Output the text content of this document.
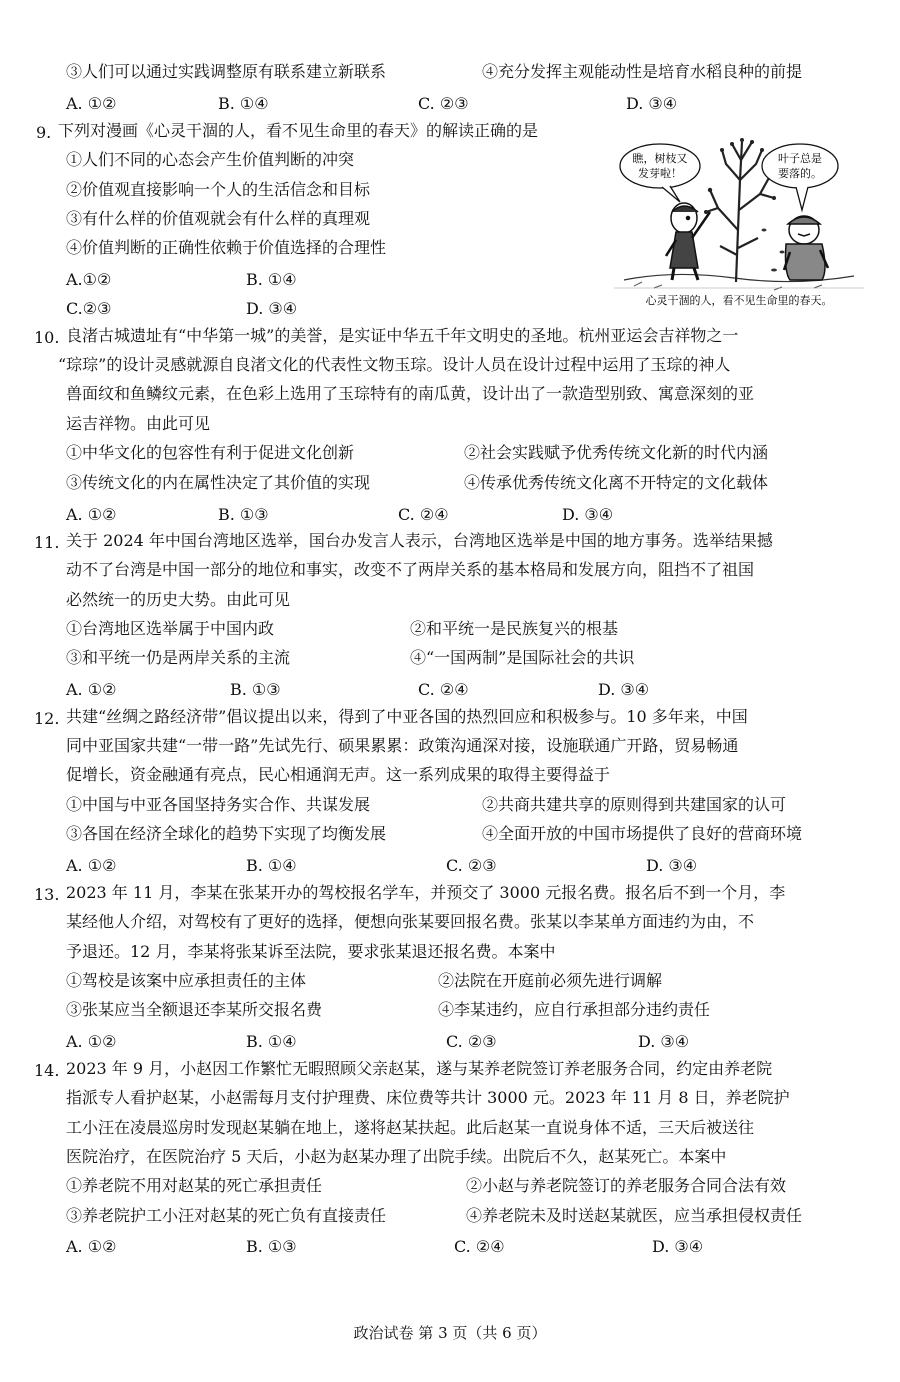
③人们可以通过实践调整原有联系建立新联系	④充分发挥主观能动性是培育水稻良种的前提
A. ①②	B. ①④	C. ②③	D. ③④
9. 下列对漫画《心灵干涸的人，看不见生命里的春天》的解读正确的是
①人们不同的心态会产生价值判断的冲突
②价值观直接影响一个人的生活信念和目标
③有什么样的价值观就会有什么样的真理观
④价值判断的正确性依赖于价值选择的合理性
A.①②	B. ①④
C.②③	D. ③④
瞧，树枝又
发芽啦！
叶子总是
要落的。
心灵干涸的人，看不见生命里的春天。
10. 良渚古城遗址有“中华第一城”的美誉，是实证中华五千年文明史的圣地。杭州亚运会吉祥物之一
“琮琮”的设计灵感就源自良渚文化的代表性文物玉琮。设计人员在设计过程中运用了玉琮的神人
兽面纹和鱼鳞纹元素，在色彩上选用了玉琮特有的南瓜黄，设计出了一款造型别致、寓意深刻的亚
运吉祥物。由此可见
①中华文化的包容性有利于促进文化创新	②社会实践赋予优秀传统文化新的时代内涵
③传统文化的内在属性决定了其价值的实现	④传承优秀传统文化离不开特定的文化载体
A. ①②	B. ①③	C. ②④	D. ③④
11. 关于 2024 年中国台湾地区选举，国台办发言人表示，台湾地区选举是中国的地方事务。选举结果撼
动不了台湾是中国一部分的地位和事实，改变不了两岸关系的基本格局和发展方向，阻挡不了祖国
必然统一的历史大势。由此可见
①台湾地区选举属于中国内政	②和平统一是民族复兴的根基
③和平统一仍是两岸关系的主流	④“一国两制”是国际社会的共识
A. ①②	B. ①③	C. ②④	D. ③④
12. 共建“丝绸之路经济带”倡议提出以来，得到了中亚各国的热烈回应和积极参与。10 多年来，中国
同中亚国家共建“一带一路”先试先行、硕果累累：政策沟通深对接，设施联通广开路，贸易畅通
促增长，资金融通有亮点，民心相通润无声。这一系列成果的取得主要得益于
①中国与中亚各国坚持务实合作、共谋发展	②共商共建共享的原则得到共建国家的认可
③各国在经济全球化的趋势下实现了均衡发展	④全面开放的中国市场提供了良好的营商环境
A. ①②	B. ①④	C. ②③	D. ③④
13. 2023 年 11 月，李某在张某开办的驾校报名学车，并预交了 3000 元报名费。报名后不到一个月，李
某经他人介绍，对驾校有了更好的选择，便想向张某要回报名费。张某以李某单方面违约为由，不
予退还。12 月，李某将张某诉至法院，要求张某退还报名费。本案中
①驾校是该案中应承担责任的主体	②法院在开庭前必须先进行调解
③张某应当全额退还李某所交报名费	④李某违约，应自行承担部分违约责任
A. ①②	B. ①④	C. ②③	D. ③④
14. 2023 年 9 月，小赵因工作繁忙无暇照顾父亲赵某，遂与某养老院签订养老服务合同，约定由养老院
指派专人看护赵某，小赵需每月支付护理费、床位费等共计 3000 元。2023 年 11 月 8 日，养老院护
工小汪在凌晨巡房时发现赵某躺在地上，遂将赵某扶起。此后赵某一直说身体不适，三天后被送往
医院治疗，在医院治疗 5 天后，小赵为赵某办理了出院手续。出院后不久，赵某死亡。本案中
①养老院不用对赵某的死亡承担责任	②小赵与养老院签订的养老服务合同合法有效
③养老院护工小汪对赵某的死亡负有直接责任	④养老院未及时送赵某就医，应当承担侵权责任
A. ①②	B. ①③	C. ②④	D. ③④
政治试卷 第 3 页（共 6 页）
